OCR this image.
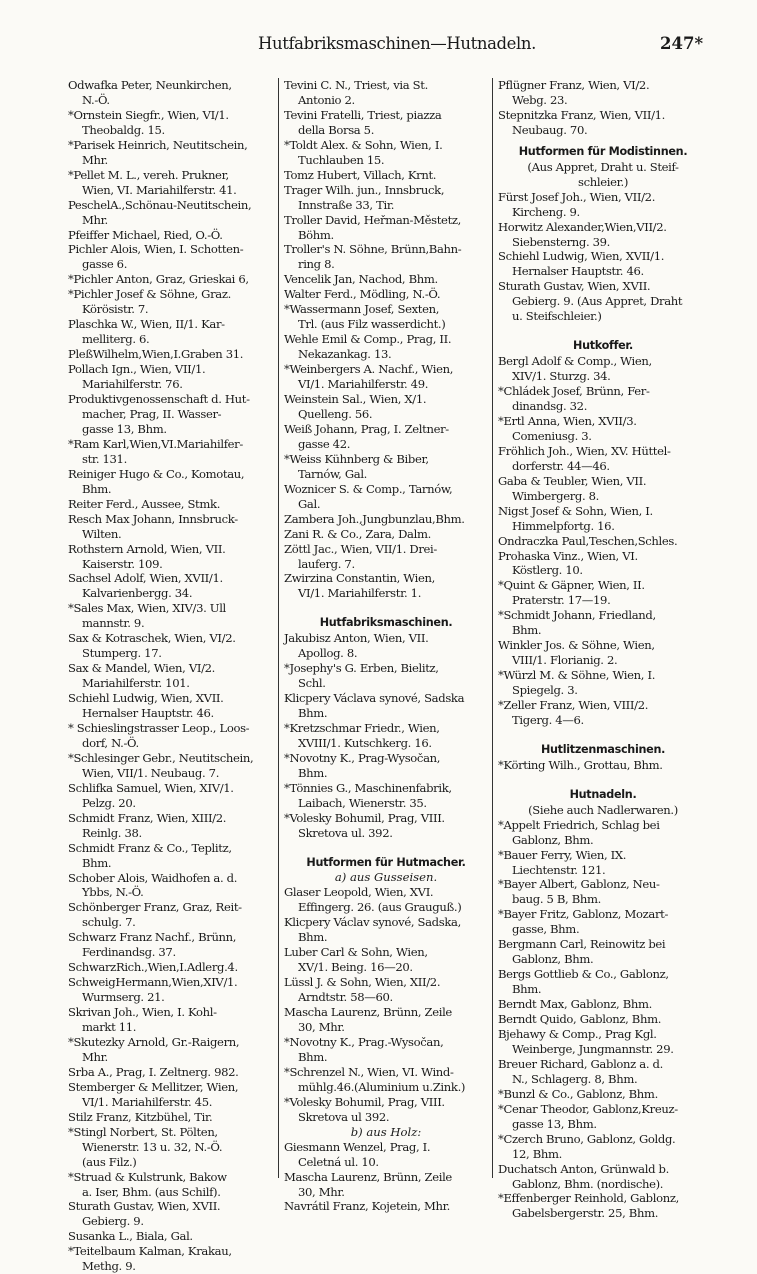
Hutfabriksmaschinen—Hutnadeln.	247*
Odwafka Peter, Neunkirchen,
N.-Ö.
*Ornstein Siegfr., Wien, VI/1.
Theobaldg. 15.
*Parisek Heinrich, Neutitschein,
Mhr.
*Pellet M. L., vereh. Prukner,
Wien, VI. Mariahilferstr. 41.
PeschelA.,Schönau-Neutitschein,
Mhr.
Pfeiffer Michael, Ried, O.-Ö.
Pichler Alois, Wien, I. Schotten-
gasse 6.
*Pichler Anton, Graz, Grieskai 6,
*Pichler Josef & Söhne, Graz.
Körösistr. 7.
Plaschka W., Wien, II/1. Kar-
melliterg. 6.
PleßWilhelm,Wien,I.Graben 31.
Pollach Ign., Wien, VII/1.
Mariahilferstr. 76.
Produktivgenossenschaft d. Hut-
macher, Prag, II. Wasser-
gasse 13, Bhm.
*Ram Karl,Wien,VI.Mariahilfer-
str. 131.
Reiniger Hugo & Co., Komotau,
Bhm.
Reiter Ferd., Aussee, Stmk.
Resch Max Johann, Innsbruck-
Wilten.
Rothstern Arnold, Wien, VII.
Kaiserstr. 109.
Sachsel Adolf, Wien, XVII/1.
Kalvarienbergg. 34.
*Sales Max, Wien, XIV/3. Ull
mannstr. 9.
Sax & Kotraschek, Wien, VI/2.
Stumperg. 17.
Sax & Mandel, Wien, VI/2.
Mariahilferstr. 101.
Schiehl Ludwig, Wien, XVII.
Hernalser Hauptstr. 46.
* Schieslingstrasser Leop., Loos-
dorf, N.-Ö.
*Schlesinger Gebr., Neutitschein,
Wien, VII/1. Neubaug. 7.
Schlifka Samuel, Wien, XIV/1.
Pelzg. 20.
Schmidt Franz, Wien, XIII/2.
Reinlg. 38.
Schmidt Franz & Co., Teplitz,
Bhm.
Schober Alois, Waidhofen a. d.
Ybbs, N.-Ö.
Schönberger Franz, Graz, Reit-
schulg. 7.
Schwarz Franz Nachf., Brünn,
Ferdinandsg. 37.
SchwarzRich.,Wien,I.Adlerg.4.
SchweigHermann,Wien,XIV/1.
Wurmserg. 21.
Skrivan Joh., Wien, I. Kohl-
markt 11.
*Skutezky Arnold, Gr.-Raigern,
Mhr.
Srba A., Prag, I. Zeltnerg. 982.
Stemberger & Mellitzer, Wien,
VI/1. Mariahilferstr. 45.
Stilz Franz, Kitzbühel, Tir.
*Stingl Norbert, St. Pölten,
Wienerstr. 13 u. 32, N.-Ö.
(aus Filz.)
*Struad & Kulstrunk, Bakow
a. Iser, Bhm. (aus Schilf).
Sturath Gustav, Wien, XVII.
Gebierg. 9.
Susanka L., Biala, Gal.
*Teitelbaum Kalman, Krakau,
Methg. 9.
Tevini C. N., Triest, via St.
Antonio 2.
Tevini Fratelli, Triest, piazza
della Borsa 5.
*Toldt Alex. & Sohn, Wien, I.
Tuchlauben 15.
Tomz Hubert, Villach, Krnt.
Trager Wilh. jun., Innsbruck,
Innstraße 33, Tir.
Troller David, Heřman-Městetz,
Böhm.
Troller's N. Söhne, Brünn,Bahn-
ring 8.
Vencelik Jan, Nachod, Bhm.
Walter Ferd., Mödling, N.-Ö.
*Wassermann Josef, Sexten,
Trl. (aus Filz wasserdicht.)
Wehle Emil & Comp., Prag, II.
Nekazankag. 13.
*Weinbergers A. Nachf., Wien,
VI/1. Mariahilferstr. 49.
Weinstein Sal., Wien, X/1.
Quelleng. 56.
Weiß Johann, Prag, I. Zeltner-
gasse 42.
*Weiss Kühnberg & Biber,
Tarnów, Gal.
Woznicer S. & Comp., Tarnów,
Gal.
Zambera Joh.,Jungbunzlau,Bhm.
Zani R. & Co., Zara, Dalm.
Zöttl Jac., Wien, VII/1. Drei-
lauferg. 7.
Zwirzina Constantin, Wien,
VI/1. Mariahilferstr. 1.
Hutfabriksmaschinen.
Jakubisz Anton, Wien, VII.
Apollog. 8.
*Josephy's G. Erben, Bielitz,
Schl.
Klicpery Václava synové, Sadska
Bhm.
*Kretzschmar Friedr., Wien,
XVIII/1. Kutschkerg. 16.
*Novotny K., Prag-Wysočan,
Bhm.
*Tönnies G., Maschinenfabrik,
Laibach, Wienerstr. 35.
*Volesky Bohumil, Prag, VIII.
Skretova ul. 392.
Hutformen für Hutmacher.
a) aus Gusseisen.
Glaser Leopold, Wien, XVI.
Effingerg. 26. (aus Grauguß.)
Klicpery Václav synové, Sadska,
Bhm.
Luber Carl & Sohn, Wien,
XV/1. Being. 16—20.
Lüssl J. & Sohn, Wien, XII/2.
Arndtstr. 58—60.
Mascha Laurenz, Brünn, Zeile
30, Mhr.
*Novotny K., Prag.-Wysočan,
Bhm.
*Schrenzel N., Wien, VI. Wind-
mühlg.46.(Aluminium u.Zink.)
*Volesky Bohumil, Prag, VIII.
Skretova ul 392.
b) aus Holz:
Giesmann Wenzel, Prag, I.
Celetná ul. 10.
Mascha Laurenz, Brünn, Zeile
30, Mhr.
Navrátil Franz, Kojetein, Mhr.
Pflügner Franz, Wien, VI/2.
Webg. 23.
Stepnitzka Franz, Wien, VII/1.
Neubaug. 70.
Hutformen für Modistinnen.
(Aus Appret, Draht u. Steif-
schleier.)
Fürst Josef Joh., Wien, VII/2.
Kircheng. 9.
Horwitz Alexander,Wien,VII/2.
Siebensterng. 39.
Schiehl Ludwig, Wien, XVII/1.
Hernalser Hauptstr. 46.
Sturath Gustav, Wien, XVII.
Gebierg. 9. (Aus Appret, Draht
u. Steifschleier.)
Hutkoffer.
Bergl Adolf & Comp., Wien,
XIV/1. Sturzg. 34.
*Chládek Josef, Brünn, Fer-
dinandsg. 32.
*Ertl Anna, Wien, XVII/3.
Comeniusg. 3.
Fröhlich Joh., Wien, XV. Hüttel-
dorferstr. 44—46.
Gaba & Teubler, Wien, VII.
Wimbergerg. 8.
Nigst Josef & Sohn, Wien, I.
Himmelpfortg. 16.
Ondraczka Paul,Teschen,Schles.
Prohaska Vinz., Wien, VI.
Köstlerg. 10.
*Quint & Gäpner, Wien, II.
Praterstr. 17—19.
*Schmidt Johann, Friedland,
Bhm.
Winkler Jos. & Söhne, Wien,
VIII/1. Florianig. 2.
*Würzl M. & Söhne, Wien, I.
Spiegelg. 3.
*Zeller Franz, Wien, VIII/2.
Tigerg. 4—6.
Hutlitzenmaschinen.
*Körting Wilh., Grottau, Bhm.
Hutnadeln.
(Siehe auch Nadlerwaren.)
*Appelt Friedrich, Schlag bei
Gablonz, Bhm.
*Bauer Ferry, Wien, IX.
Liechtenstr. 121.
*Bayer Albert, Gablonz, Neu-
baug. 5 B, Bhm.
*Bayer Fritz, Gablonz, Mozart-
gasse, Bhm.
Bergmann Carl, Reinowitz bei
Gablonz, Bhm.
Bergs Gottlieb & Co., Gablonz,
Bhm.
Berndt Max, Gablonz, Bhm.
Berndt Quido, Gablonz, Bhm.
Bjehawy & Comp., Prag Kgl.
Weinberge, Jungmannstr. 29.
Breuer Richard, Gablonz a. d.
N., Schlagerg. 8, Bhm.
*Bunzl & Co., Gablonz, Bhm.
*Cenar Theodor, Gablonz,Kreuz-
gasse 13, Bhm.
*Czerch Bruno, Gablonz, Goldg.
12, Bhm.
Duchatsch Anton, Grünwald b.
Gablonz, Bhm. (nordische).
*Effenberger Reinhold, Gablonz,
Gabelsbergerstr. 25, Bhm.
